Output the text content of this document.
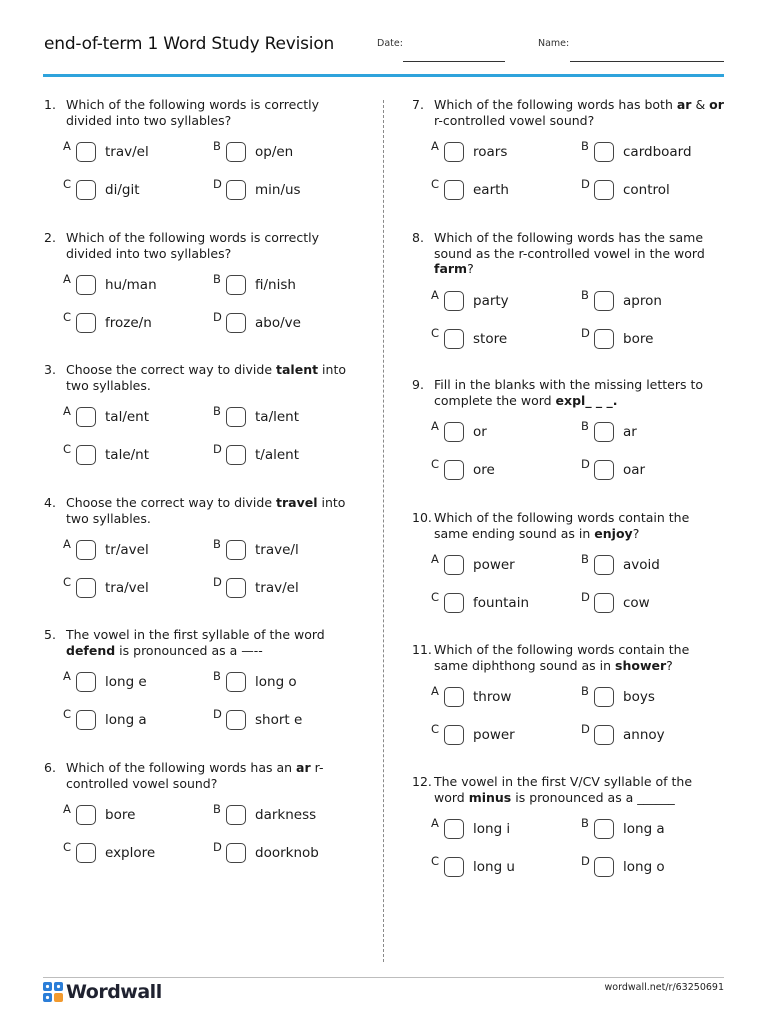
end-of-term 1 Word Study Revision	Date:	Name:
1. Which of the following words is correctly divided into two syllables?
A	trav/el	B	op/en
C	di/git	D min/us
2. Which of the following words is correctly divided into two syllables?
A	hu/man	B	fi/nish
C	froze/n	D abo/ve
3. Choose the correct way to divide talent into two syllables.
A	tal/ent	B	ta/lent
C	tale/nt	D t/alent
4. Choose the correct way to divide travel into two syllables.
A	tr/avel	B	trave/l
C	tra/vel	D trav/el
5. The vowel in the first syllable of the word defend is pronounced as a —--
A	long e	B	long o
C	long a	D short e
6. Which of the following words has an ar r-controlled vowel sound?
A	bore	B	darkness
C	explore	D doorknob
7. Which of the following words has both ar & or r-controlled vowel sound?
A	roars	B	cardboard
C	earth	D control
8. Which of the following words has the same sound as the r-controlled vowel in the word farm?
A	party	B	apron
C	store	D bore
9. Fill in the blanks with the missing letters to complete the word expl_ _ _.
A	or	B	ar
C	ore	D oar
10. Which of the following words contain the same ending sound as in enjoy?
A	power	B	avoid
C	fountain	D cow
11. Which of the following words contain the same diphthong sound as in shower?
A	throw	B	boys
C	power	D annoy
12. The vowel in the first V/CV syllable of the word minus is pronounced as a ______
A	long i	B	long a
C	long u	D long o
Wordwall	wordwall.net/r/63250691
